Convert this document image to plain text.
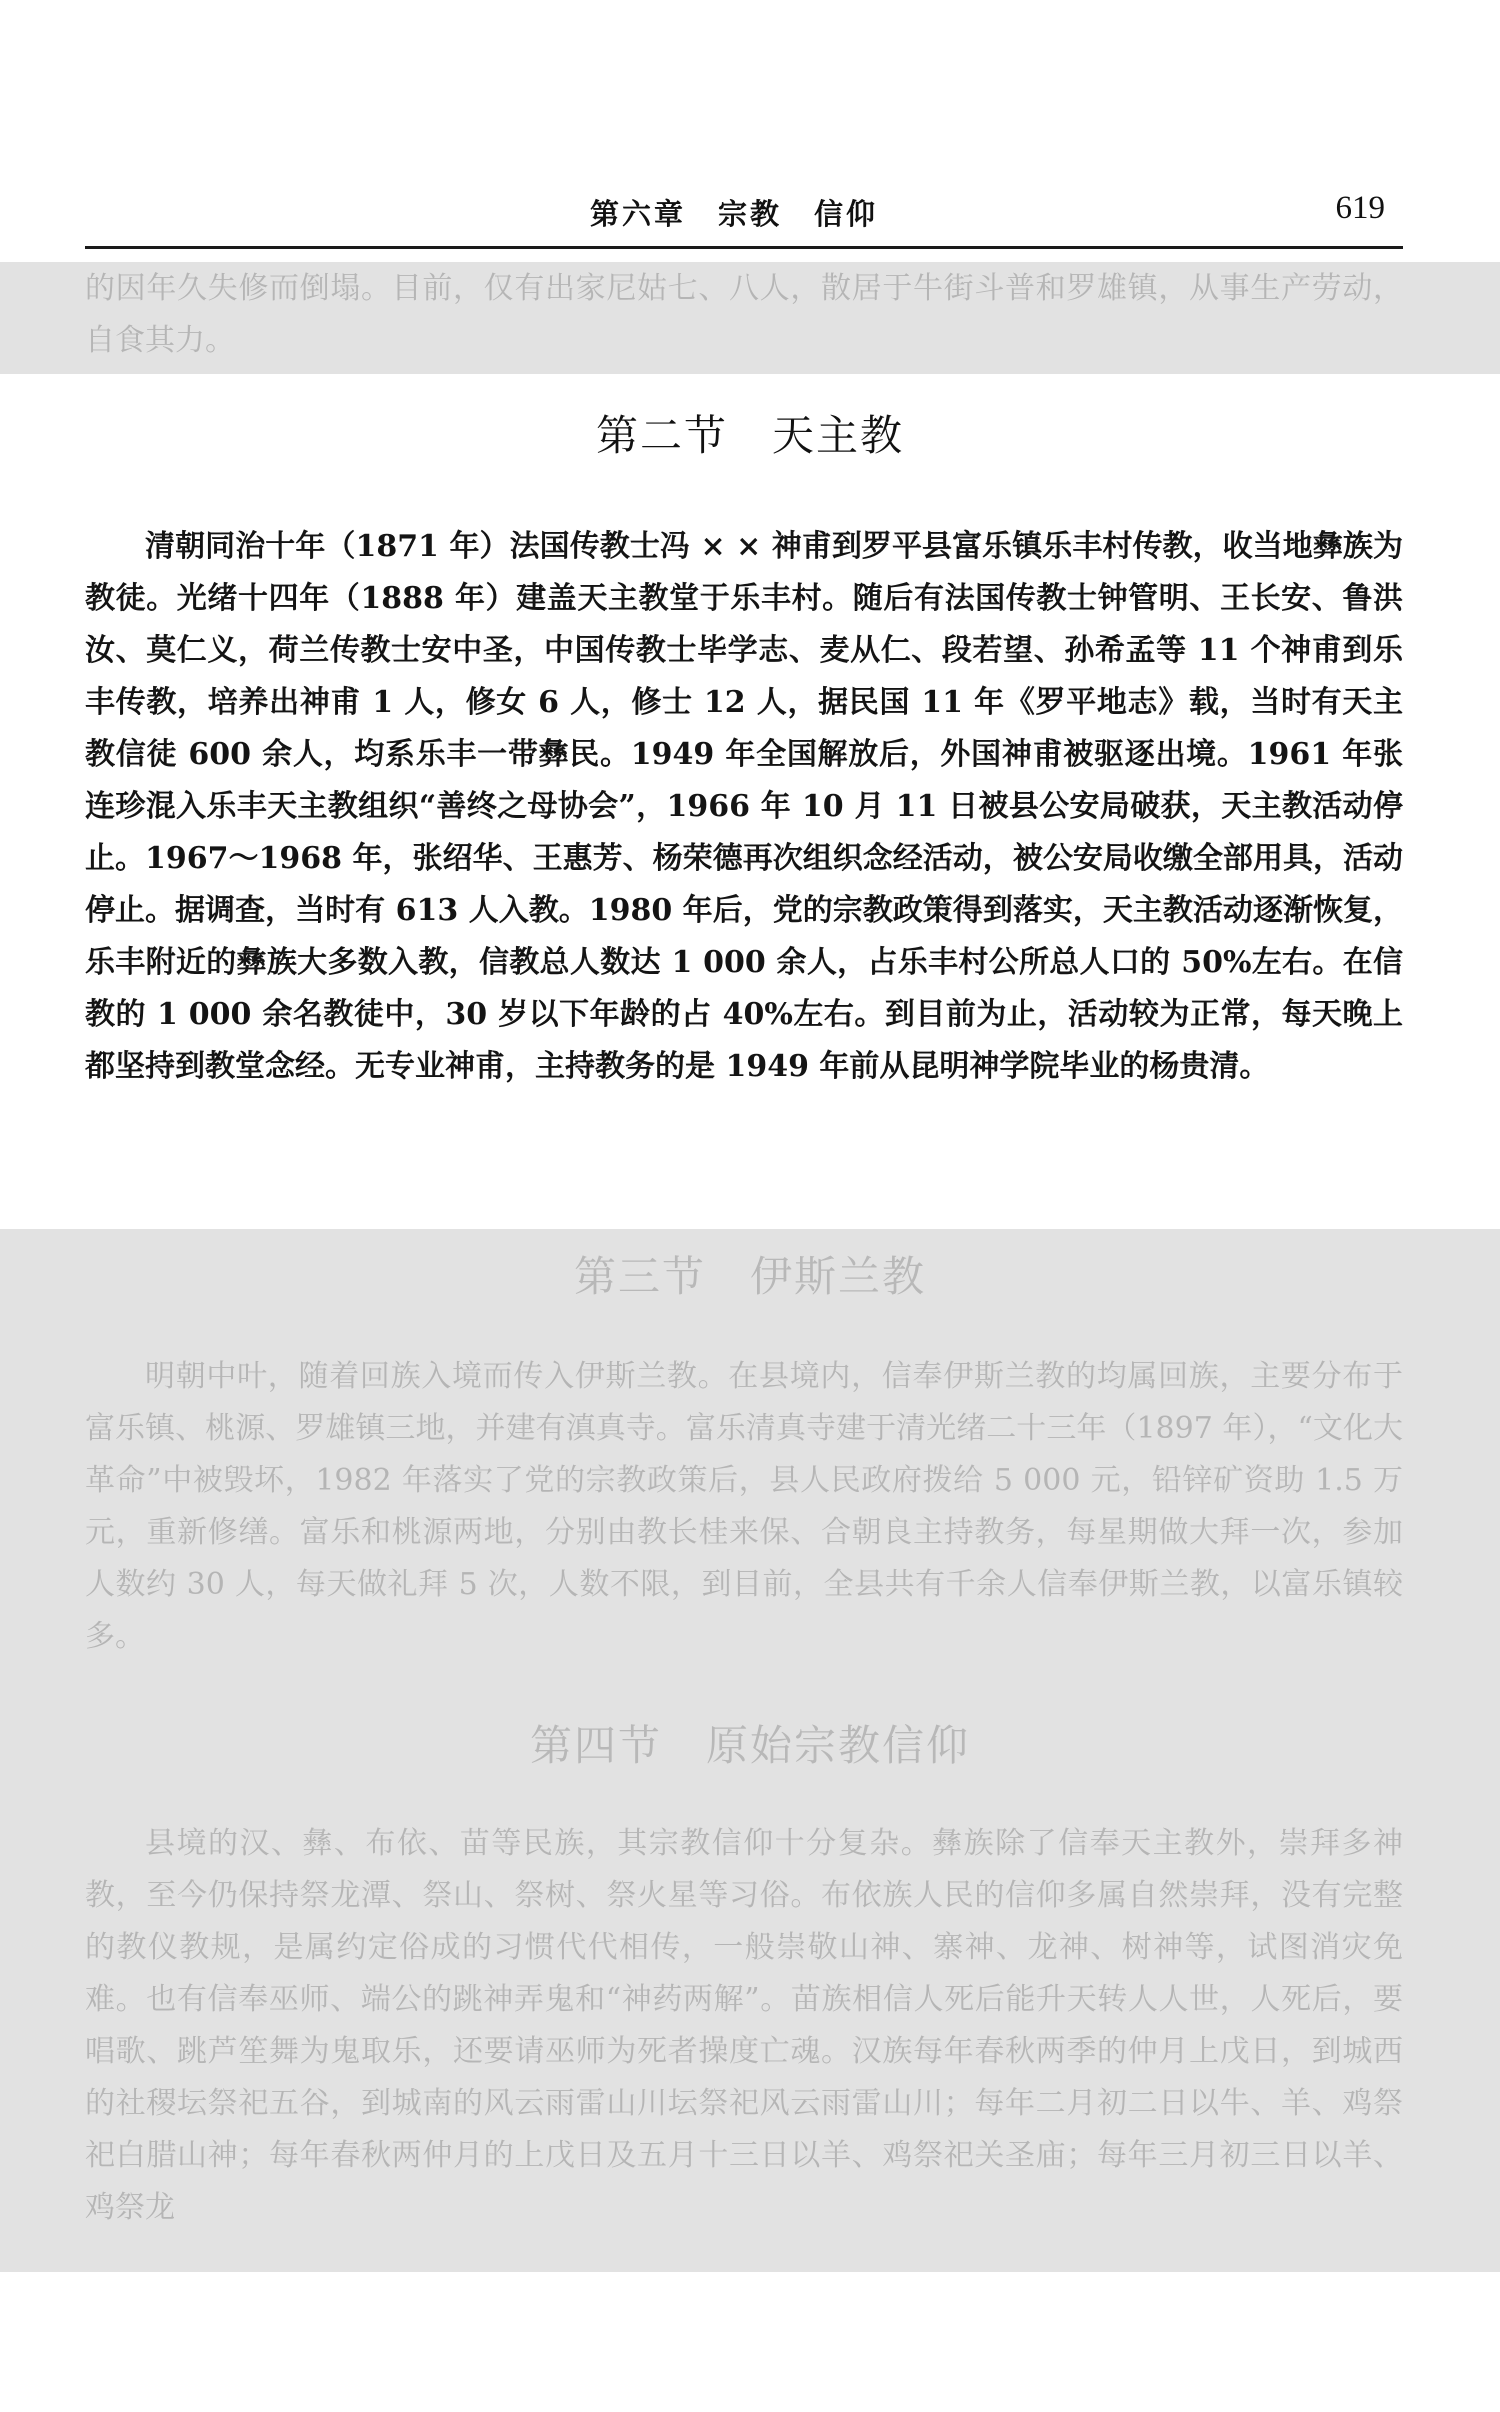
第六章　宗教　信仰	619

的因年久失修而倒塌。目前，仅有出家尼姑七、八人，散居于牛街斗普和罗雄镇，从事生产劳动，自食其力。

第二节　天主教

清朝同治十年（1871 年）法国传教士冯 × × 神甫到罗平县富乐镇乐丰村传教，收当地彝族为教徒。光绪十四年（1888 年）建盖天主教堂于乐丰村。随后有法国传教士钟管明、王长安、鲁洪汝、莫仁义，荷兰传教士安中圣，中国传教士毕学志、麦从仁、段若望、孙希孟等 11 个神甫到乐丰传教，培养出神甫 1 人，修女 6 人，修士 12 人，据民国 11 年《罗平地志》载，当时有天主教信徒 600 余人，均系乐丰一带彝民。1949 年全国解放后，外国神甫被驱逐出境。1961 年张连珍混入乐丰天主教组织“善终之母协会”，1966 年 10 月 11 日被县公安局破获，天主教活动停止。1967～1968 年，张绍华、王惠芳、杨荣德再次组织念经活动，被公安局收缴全部用具，活动停止。据调查，当时有 613 人入教。1980 年后，党的宗教政策得到落实，天主教活动逐渐恢复，乐丰附近的彝族大多数入教，信教总人数达 1 000 余人，占乐丰村公所总人口的 50%左右。在信教的 1 000 余名教徒中，30 岁以下年龄的占 40%左右。到目前为止，活动较为正常，每天晚上都坚持到教堂念经。无专业神甫，主持教务的是 1949 年前从昆明神学院毕业的杨贵清。

第三节　伊斯兰教

明朝中叶，随着回族入境而传入伊斯兰教。在县境内，信奉伊斯兰教的均属回族，主要分布于富乐镇、桃源、罗雄镇三地，并建有滇真寺。富乐清真寺建于清光绪二十三年（1897 年），“文化大革命”中被毁坏，1982 年落实了党的宗教政策后，县人民政府拨给 5 000 元，铅锌矿资助 1.5 万元，重新修缮。富乐和桃源两地，分别由教长桂来保、合朝良主持教务，每星期做大拜一次，参加人数约 30 人，每天做礼拜 5 次，人数不限，到目前，全县共有千余人信奉伊斯兰教，以富乐镇较多。

第四节　原始宗教信仰

县境的汉、彝、布依、苗等民族，其宗教信仰十分复杂。彝族除了信奉天主教外，崇拜多神教，至今仍保持祭龙潭、祭山、祭树、祭火星等习俗。布依族人民的信仰多属自然崇拜，没有完整的教仪教规，是属约定俗成的习惯代代相传，一般崇敬山神、寨神、龙神、树神等，试图消灾免难。也有信奉巫师、端公的跳神弄鬼和“神药两解”。苗族相信人死后能升天转人人世，人死后，要唱歌、跳芦笙舞为鬼取乐，还要请巫师为死者操度亡魂。汉族每年春秋两季的仲月上戊日，到城西的社稷坛祭祀五谷，到城南的风云雨雷山川坛祭祀风云雨雷山川；每年二月初二日以牛、羊、鸡祭祀白腊山神；每年春秋两仲月的上戊日及五月十三日以羊、鸡祭祀关圣庙；每年三月初三日以羊、鸡祭龙
